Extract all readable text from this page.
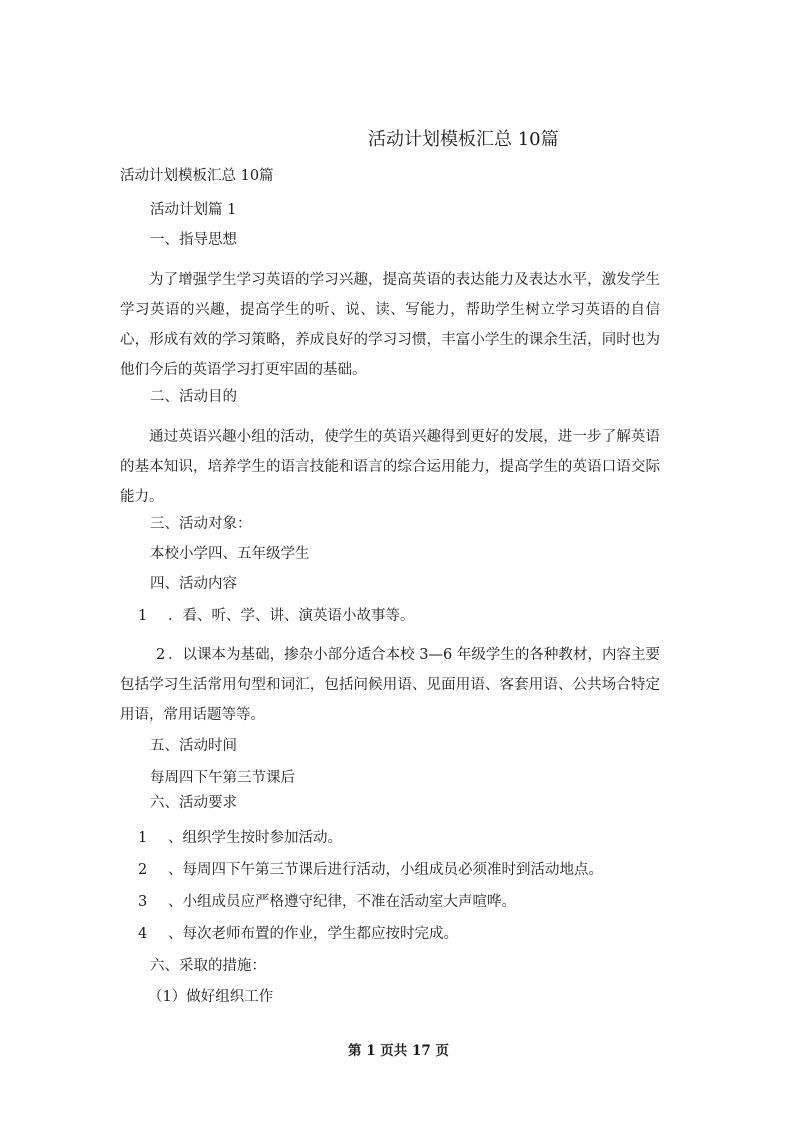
活动计划模板汇总 10篇
活动计划模板汇总 10篇
活动计划篇 1
一、指导思想
为了增强学生学习英语的学习兴趣，提高英语的表达能力及表达水平，激发学生学习英语的兴趣，提高学生的听、说、读、写能力，帮助学生树立学习英语的自信心，形成有效的学习策略，养成良好的学习习惯，丰富小学生的课余生活，同时也为他们今后的英语学习打更牢固的基础。
二、活动目的
通过英语兴趣小组的活动，使学生的英语兴趣得到更好的发展，进一步了解英语的基本知识，培养学生的语言技能和语言的综合运用能力，提高学生的英语口语交际能力。
三、活动对象：
本校小学四、五年级学生
四、活动内容
1 ．看、听、学、讲、演英语小故事等。
2 ．以课本为基础，掺杂小部分适合本校 3—6 年级学生的各种教材，内容主要包括学习生活常用句型和词汇，包括问候用语、见面用语、客套用语、公共场合特定用语，常用话题等等。
五、活动时间
每周四下午第三节课后
六、活动要求
1 、组织学生按时参加活动。
2 、每周四下午第三节课后进行活动，小组成员必须准时到活动地点。
3 、小组成员应严格遵守纪律，不准在活动室大声喧哗。
4 、每次老师布置的作业，学生都应按时完成。
六、采取的措施：
（1）做好组织工作
第 1 页共 17 页
